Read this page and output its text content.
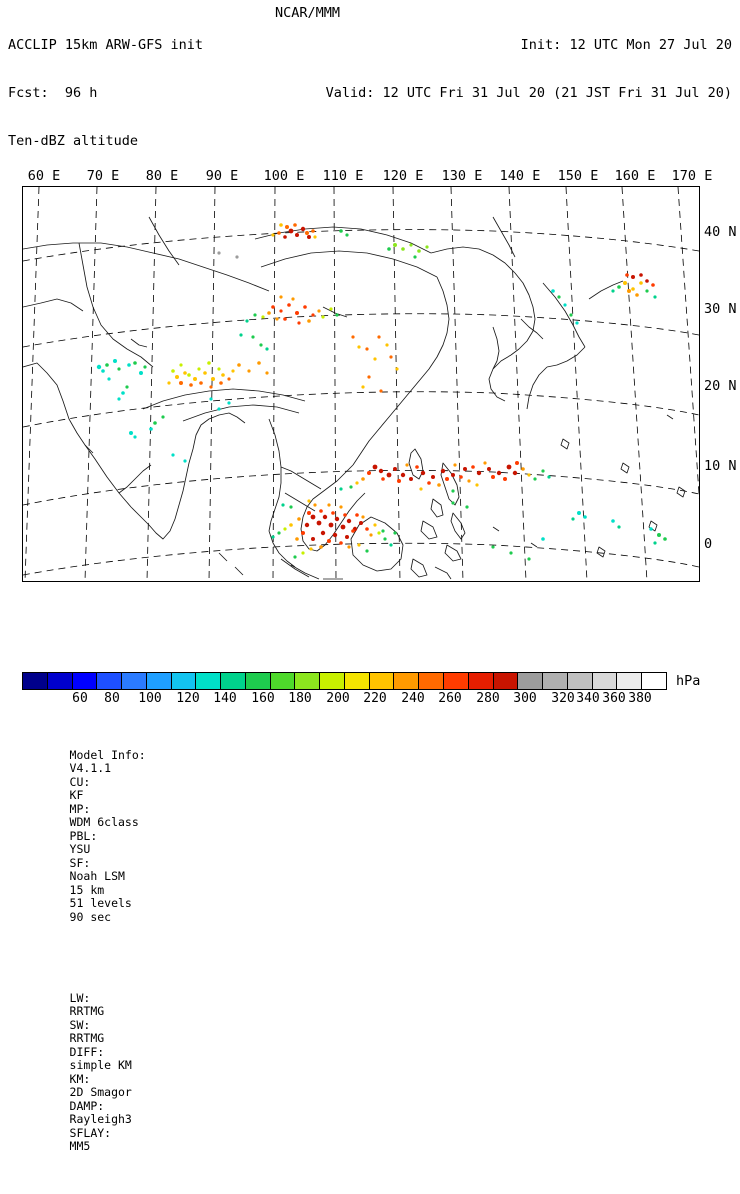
ACCLIP 15km ARW-GFS init

Fcst:  96 h

Ten-dBZ altitude

NCAR/MMM

Init: 12 UTC Mon 27 Jul 20

Valid: 12 UTC Fri 31 Jul 20 (21 JST Fri 31 Jul 20)

60 E 70 E 80 E 90 E 100 E 110 E 120 E 130 E 140 E 150 E 160 E 170 E
40 N
30 N
20 N
10 N
0
hPa
60 80 100 120 140 160 180 200 220 240 260 280 300 320 340 360 380

Model Info:
V4.1.1
CU:
KF
MP:
WDM 6class
PBL:
YSU
SF:
Noah LSM
15 km
51 levels
90 sec

LW:
RRTMG
SW:
RRTMG
DIFF:
simple KM
KM:
2D Smagor
DAMP:
Rayleigh3
SFLAY:
MM5
